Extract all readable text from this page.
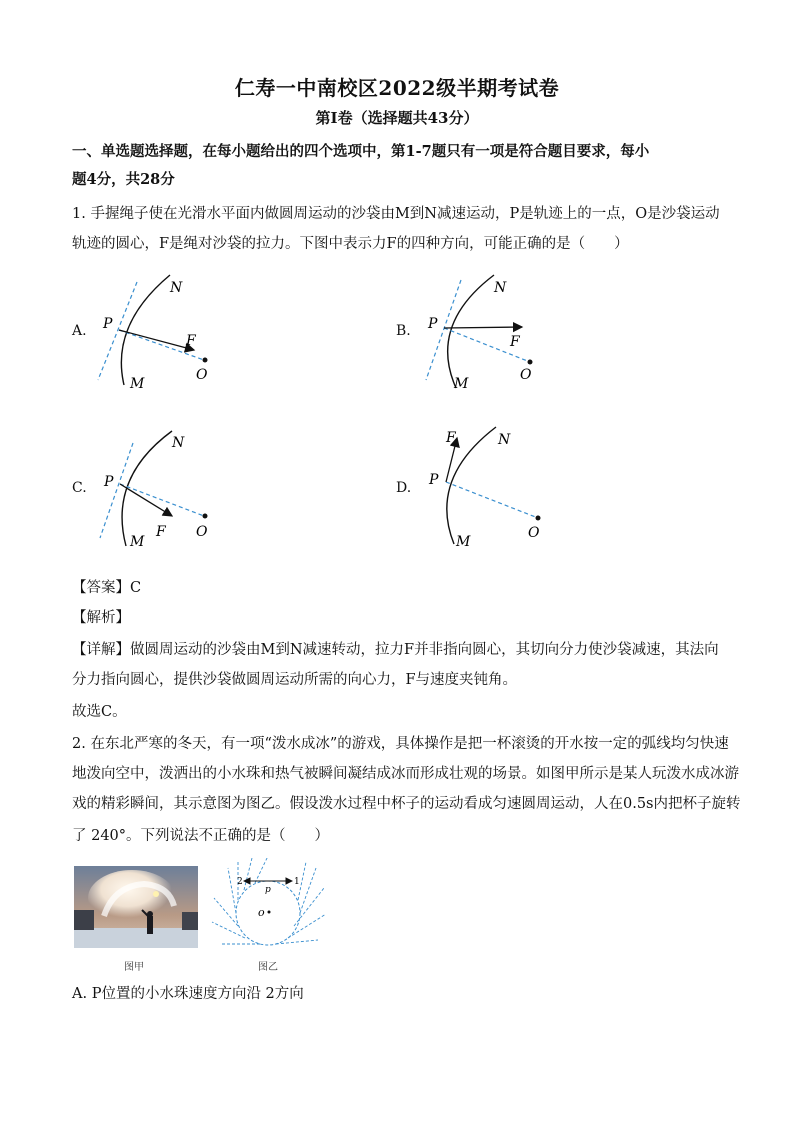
仁寿一中南校区2022级半期考试卷
第Ⅰ卷（选择题共43分）
一、单选题选择题，在每小题给出的四个选项中，第1-7题只有一项是符合题目要求，每小
题4分，共28分
1. 手握绳子使在光滑水平面内做圆周运动的沙袋由M到N减速运动，P是轨迹上的一点，O是沙袋运动
轨迹的圆心，F是绳对沙袋的拉力。下图中表示力F的四种方向，可能正确的是（　　）
A.	B.
C.	D.
P
N
M
O
F
P
N
M
O
F
P
N
M
O
F
P
N
M
O
F
【答案】C
【解析】
【详解】做圆周运动的沙袋由M到N减速转动，拉力F并非指向圆心，其切向分力使沙袋减速，其法向
分力指向圆心，提供沙袋做圆周运动所需的向心力，F与速度夹钝角。
故选C。
2. 在东北严寒的冬天，有一项“泼水成冰”的游戏，具体操作是把一杯滚烫的开水按一定的弧线均匀快速
地泼向空中，泼洒出的小水珠和热气被瞬间凝结成冰而形成壮观的场景。如图甲所示是某人玩泼水成冰游
戏的精彩瞬间，其示意图为图乙。假设泼水过程中杯子的运动看成匀速圆周运动，人在0.5s内把杯子旋转
了 240°。下列说法不正确的是（　　）
图甲
1
2
p
o
图乙
A. P位置的小水珠速度方向沿 2方向
